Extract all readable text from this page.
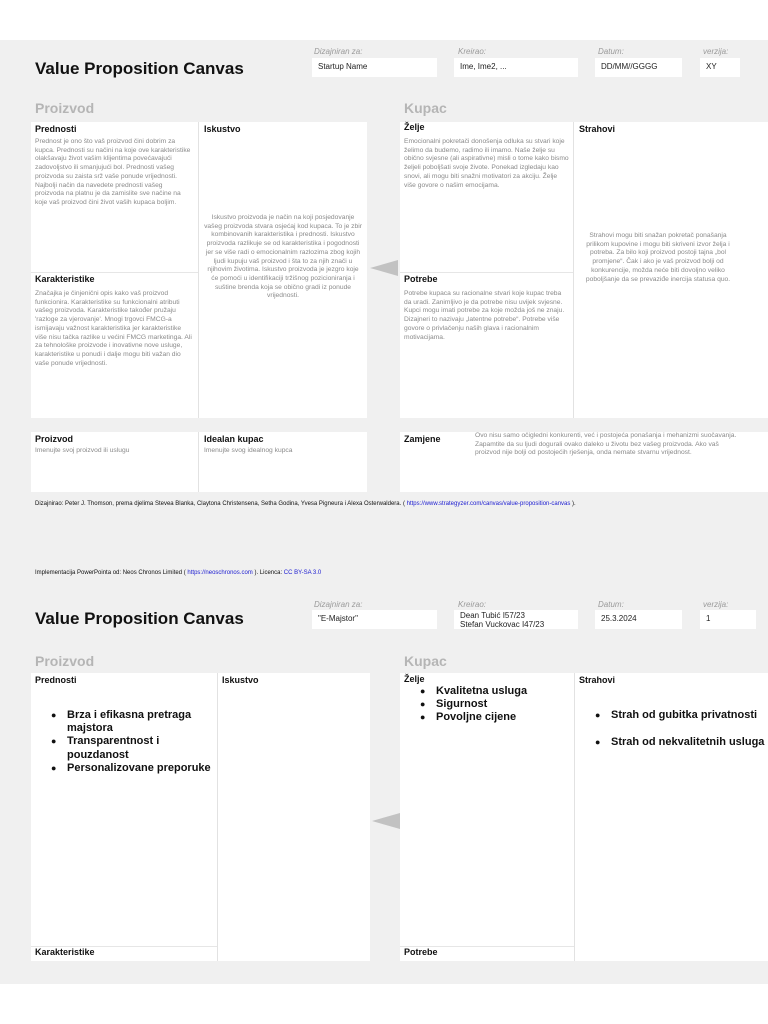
Value Proposition Canvas
Dizajniran za:
Startup Name
Kreirao:
Ime, Ime2, ...
Datum:
DD/MM//GGGG
verzija:
XY
Proizvod	Kupac
Prednosti
Prednost je ono što vaš proizvod čini dobrim za kupca. Prednosti su načini na koje ove karakteristike olakšavaju život vašim klijentima povećavajući zadovoljstvo ili smanjujući bol. Prednosti vašeg proizvoda su zaista srž vaše ponude vrijednosti. Najbolji način da navedete prednosti vašeg proizvoda na platnu je da zamislite sve načine na koje vaš proizvod čini život vaših kupaca boljim.
Iskustvo
Iskustvo proizvoda je način na koji posjedovanje vašeg proizvoda stvara osjećaj kod kupaca. To je zbir kombinovanih karakteristika i prednosti. Iskustvo proizvoda razlikuje se od karakteristika i pogodnosti jer se više radi o emocionalnim razlozima zbog kojih ljudi kupuju vaš proizvod i šta to za njih znači u njihovim životima. Iskustvo proizvoda je jezgro koje će pomoći u identifikaciji tržišnog pozicioniranja i suštine brenda koja se obično gradi iz ponude vrijednosti.
Karakteristike
Značajka je činjenični opis kako vaš proizvod funkcionira. Karakteristike su funkcionalni atributi vašeg proizvoda. Karakteristike također pružaju 'razloge za vjerovanje'. Mnogi trgovci FMCG-a ismijavaju važnost karakteristika jer karakteristike više nisu tačka razlike u većini FMCG marketinga. Ali za tehnološke proizvode i inovativne nove usluge, karakteristike u ponudi i dalje mogu biti važan dio vaše ponude vrijednosti.
Želje
Emocionalni pokretači donošenja odluka su stvari koje želimo da budemo, radimo ili imamo. Naše želje su obično svjesne (ali aspirativne) misli o tome kako bismo željeli poboljšati svoje živote. Ponekad izgledaju kao snovi, ali mogu biti snažni motivatori za akciju. Želje više govore o našim emocijama.
Strahovi
Strahovi mogu biti snažan pokretač ponašanja prilikom kupovine i mogu biti skriveni izvor želja i potreba. Za bilo koji proizvod postoji tajna „bol promjene“. Čak i ako je vaš proizvod bolji od konkurencije, možda neće biti dovoljno veliko poboljšanje da se prevaziđe inercija statusa quo.
Potrebe
Potrebe kupaca su racionalne stvari koje kupac treba da uradi. Zanimljivo je da potrebe nisu uvijek svjesne. Kupci mogu imati potrebe za koje možda još ne znaju. Dizajneri to nazivaju „latentne potrebe“. Potrebe više govore o privlačenju naših glava i racionalnim motivacijama.
Proizvod
Imenujte svoj proizvod ili uslugu
Idealan kupac
Imenujte svog idealnog kupca
Zamjene	Ovo nisu samo očigledni konkurenti, već i postojeća ponašanja i mehanizmi suočavanja. Zapamtite da su ljudi dogurali ovako daleko u životu bez vašeg proizvoda. Ako vaš proizvod nije bolji od postojećih rješenja, onda nemate stvarnu vrijednost.
Dizajnirao: Peter J. Thomson, prema djelima Stevea Blanka, Claytona Christensena, Setha Godina, Yvesa Pigneura i Alexa Osterwaldera. ( https://www.strategyzer.com/canvas/value-proposition-canvas ).
Implementacija PowerPointa od: Neos Chronos Limited ( https://neoschronos.com ). Licenca: CC BY-SA 3.0
Value Proposition Canvas
Dizajniran za:
"E-Majstor"
Kreirao:
Dean Tubić I57/23
Stefan Vuckovac I47/23
Datum:
25.3.2024
verzija:
1
Proizvod	Kupac
Prednosti
● Brza i efikasna pretraga majstora
● Transparentnost i pouzdanost
● Personalizovane preporuke
Iskustvo
Karakteristike
Želje
● Kvalitetna usluga
● Sigurnost
● Povoljne cijene
Strahovi
● Strah od gubitka privatnosti
● Strah od nekvalitetnih usluga
Potrebe
